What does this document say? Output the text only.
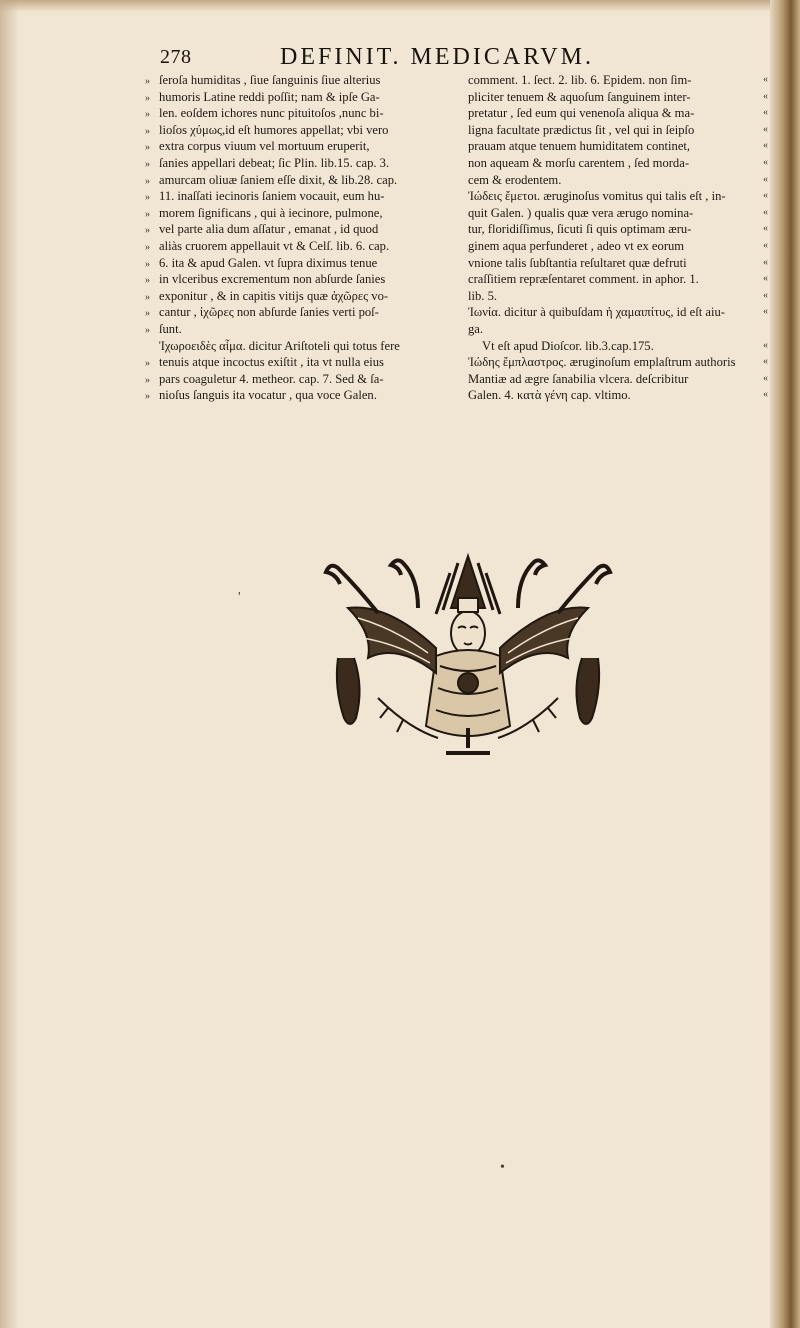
278	DEFINIT. MEDICARVM.
» ſeroſa humiditas , ſiue ſanguinis ſiue alterius
» humoris Latine reddi poſſit; nam & ipſe Ga-
» len. eoſdem ichores nunc pituitoſos ,nunc bi-
» lioſos χύμως,id eſt humores appellat; vbi vero
» extra corpus viuum vel mortuum eruperit,
» ſanies appellari debeat; ſic Plin. lib.15. cap. 3.
» amurcam oliuæ ſaniem eſſe dixit, & lib.28. cap.
» 11. inaſſati iecinoris ſaniem vocauit, eum hu-
» morem ſignificans , qui à iecinore, pulmone,
» vel parte alia dum aſſatur , emanat , id quod
» aliàs cruorem appellauit vt & Celſ. lib. 6. cap.
» 6. ita & apud Galen. vt ſupra diximus tenue
» in vlceribus excrementum non abſurde ſanies
» exponitur , & in capitis vitijs quæ ἀχῶρες vo-
» cantur , ἰχῶρες non abſurde ſanies verti poſ-
» ſunt.
Ἰχωροειδὲς αἷμα. dicitur Ariſtoteli qui totus fere
» tenuis atque incoctus exiſtit , ita vt nulla eius
» pars coaguletur 4. metheor. cap. 7. Sed & ſa-
» nioſus ſanguis ita vocatur , qua voce Galen.
comment. 1. ſect. 2. lib. 6. Epidem. non ſim-	«
pliciter tenuem & aquoſum ſanguinem inter-	«
pretatur , ſed eum qui venenoſa aliqua & ma-	«
ligna facultate prædictus ſit , vel qui in ſeipſo	«
prauam atque tenuem humiditatem continet,	«
non aqueam & morſu carentem , ſed morda-	«
cem & erodentem.	«
Ἰώδεις ἔμετοι. æruginoſus vomitus qui talis eſt , in-	«
quit Galen. ) qualis quæ vera ærugo nomina-	«
tur, floridiſſimus, ſicuti ſi quis optimam æru-	«
ginem aqua perfunderet , adeo vt ex eorum	«
vnione talis ſubſtantia reſultaret quæ defruti	«
craſſitiem repræſentaret comment. in aphor. 1.	«
lib. 5.	«
Ἰωνία. dicitur à quibuſdam ἡ χαμαιπίτυς, id eſt aiu-	«
ga.
Vt eſt apud Dioſcor. lib.3.cap.175.	«
Ἰώδης ἔμπλαστρος. æruginoſum emplaſtrum authoris	«
Mantiæ ad ægre ſanabilia vlcera. deſcribitur	«
Galen. 4. κατὰ γένη cap. vltimo.	«
'
•
